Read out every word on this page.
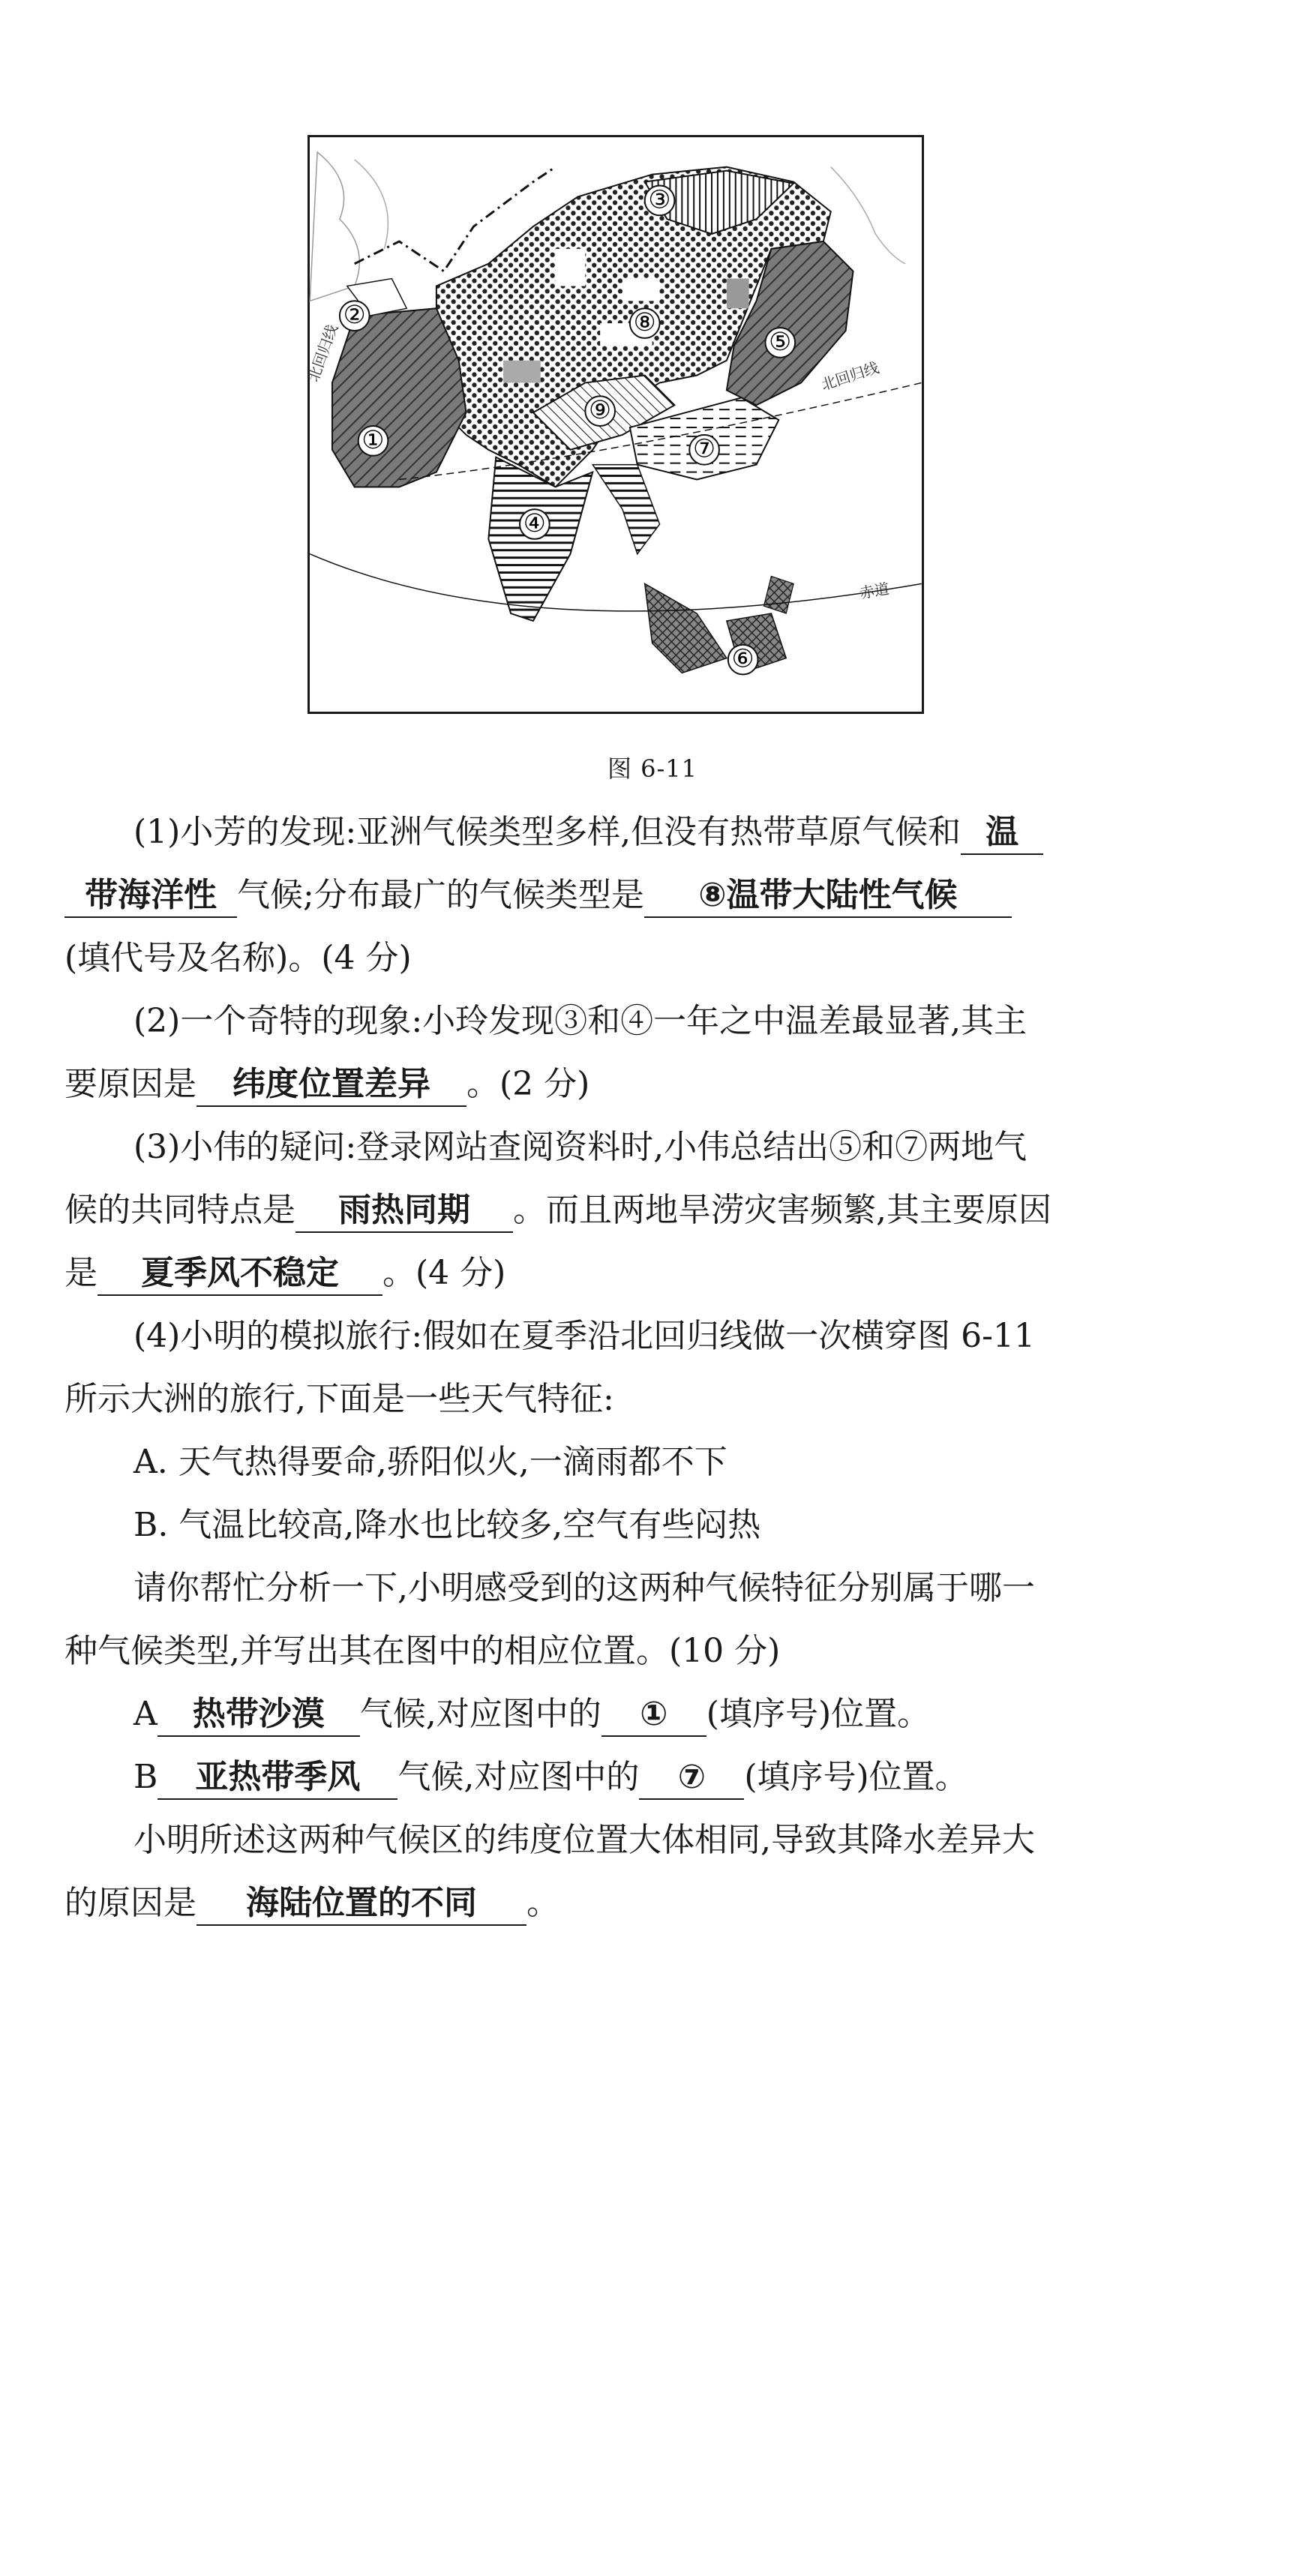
①
②
③
④
⑤
⑥
⑦
⑧
⑨
北回归线
赤道
北回归线
图 6-11

(1)小芳的发现:亚洲气候类型多样,但没有热带草原气候和 温

带海洋性 气候;分布最广的气候类型是 ⑧温带大陆性气候

(填代号及名称)。(4 分)

(2)一个奇特的现象:小玲发现③和④一年之中温差最显著,其主

要原因是 纬度位置差异 。(2 分)

(3)小伟的疑问:登录网站查阅资料时,小伟总结出⑤和⑦两地气

候的共同特点是 雨热同期 。而且两地旱涝灾害频繁,其主要原因

是 夏季风不稳定 。(4 分)

(4)小明的模拟旅行:假如在夏季沿北回归线做一次横穿图 6-11

所示大洲的旅行,下面是一些天气特征:

A. 天气热得要命,骄阳似火,一滴雨都不下

B. 气温比较高,降水也比较多,空气有些闷热

请你帮忙分析一下,小明感受到的这两种气候特征分别属于哪一

种气候类型,并写出其在图中的相应位置。(10 分)

A 热带沙漠 气候,对应图中的 ① (填序号)位置。

B 亚热带季风 气候,对应图中的 ⑦ (填序号)位置。

小明所述这两种气候区的纬度位置大体相同,导致其降水差异大

的原因是 海陆位置的不同 。
